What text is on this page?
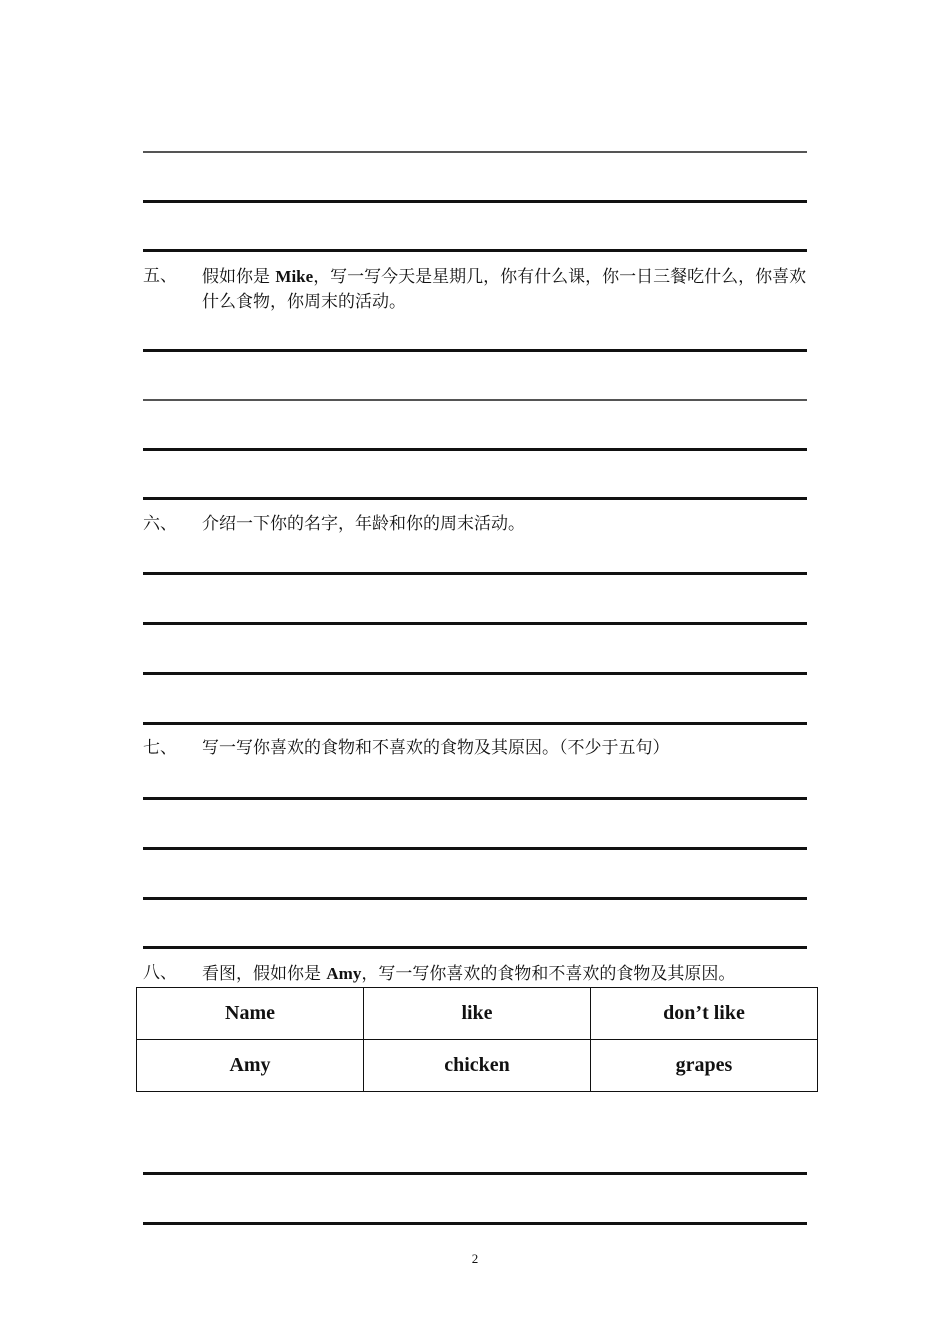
五、 假如你是 Mike，写一写今天是星期几，你有什么课，你一日三餐吃什么，你喜欢什么食物，你周末的活动。
六、 介绍一下你的名字，年龄和你的周末活动。
七、 写一写你喜欢的食物和不喜欢的食物及其原因。（不少于五句）
八、 看图，假如你是 Amy，写一写你喜欢的食物和不喜欢的食物及其原因。
Name	like	don’t like
Amy	chicken	grapes
2
